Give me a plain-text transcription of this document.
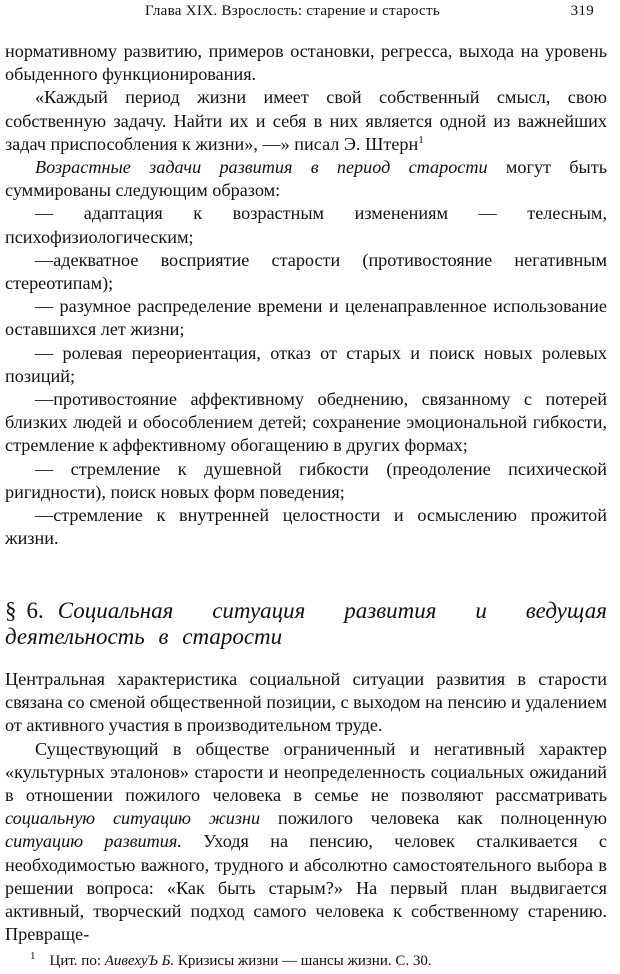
Глава XIX. Взрослость: старение и старость	319

нормативному развитию, примеров остановки, регресса, выхода на уровень обыденного функционирования.

«Каждый период жизни имеет свой собственный смысл, свою собственную задачу. Найти их и себя в них является одной из важнейших задач приспособления к жизни», —» писал Э. Штерн$^1$

Возрастные задачи развития в период старости могут быть суммированы следующим образом:

— адаптация к возрастным изменениям — телесным, психофизиологическим;

—адекватное восприятие старости (противостояние негативным стереотипам);

— разумное распределение времени и целенаправленное использование оставшихся лет жизни;

— ролевая переориентация, отказ от старых и поиск новых ролевых позиций;

—противостояние аффективному обеднению, связанному с потерей близких людей и обособлением детей; сохранение эмоциональной гибкости, стремление к аффективному обогащению в других формах;

— стремление к душевной гибкости (преодоление психической ригидности), поиск новых форм поведения;

—стремление к внутренней целостности и осмыслению прожитой жизни.

§ 6. Социальная ситуация развития и ведущая деятельность в старости

Центральная характеристика социальной ситуации развития в старости связана со сменой общественной позиции, с выходом на пенсию и удалением от активного участия в производительном труде.

Существующий в обществе ограниченный и негативный характер «культурных эталонов» старости и неопределенность социальных ожиданий в отношении пожилого человека в семье не позволяют рассматривать социальную ситуацию жизни пожилого человека как полноценную ситуацию развития. Уходя на пенсию, человек сталкивается с необходимостью важного, трудного и абсолютно самостоятельного выбора в решении вопроса: «Как быть старым?» На первый план выдвигается активный, творческий подход самого человека к собственному старению. Превраще-

$^1$ Цит. по: АивехуЪ Б. Кризисы жизни — шансы жизни. С. 30.
